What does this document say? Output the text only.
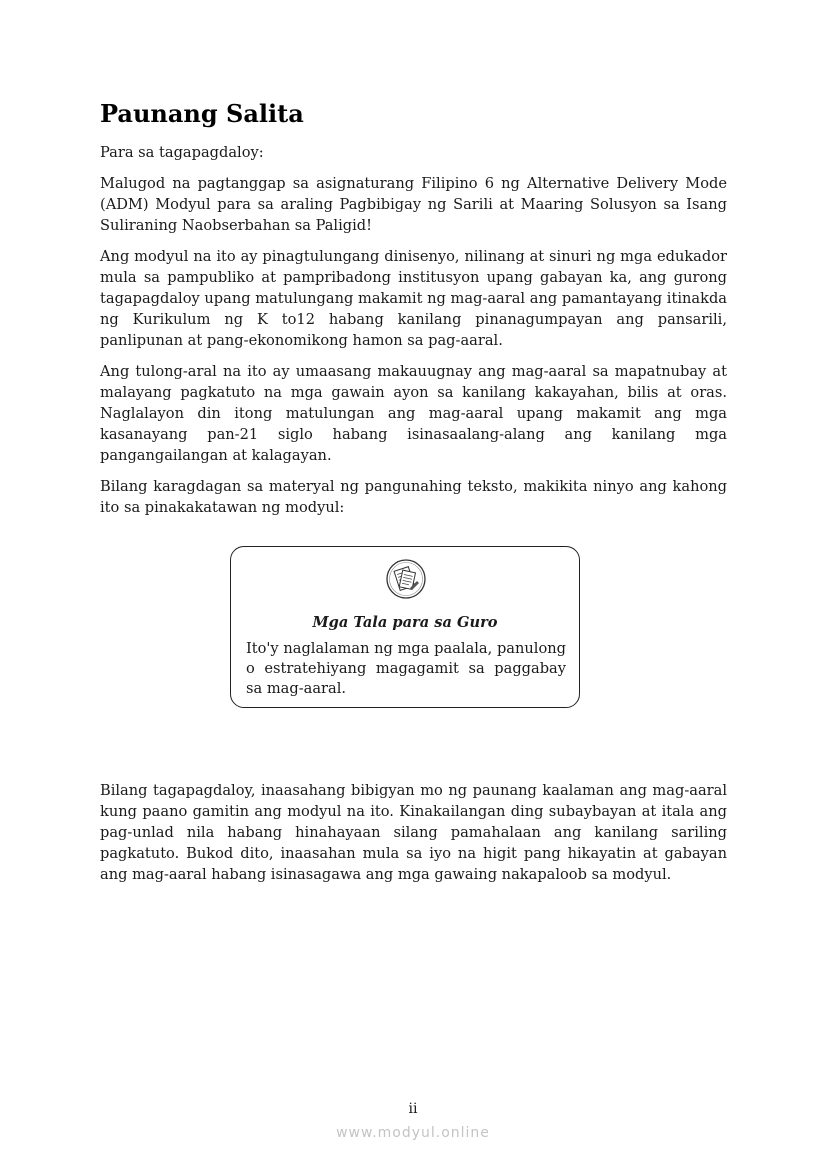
Paunang Salita

Para sa tagapagdaloy:

Malugod na pagtanggap sa asignaturang Filipino 6 ng Alternative Delivery Mode (ADM) Modyul para sa araling Pagbibigay ng Sarili at Maaring Solusyon sa Isang Suliraning Naobserbahan sa Paligid!

Ang modyul na ito ay pinagtulungang dinisenyo, nilinang at sinuri ng mga edukador mula sa pampubliko at pampribadong institusyon upang gabayan ka, ang gurong tagapagdaloy upang matulungang makamit ng mag-aaral ang pamantayang itinakda ng Kurikulum ng K to12 habang kanilang pinanagumpayan ang pansarili, panlipunan at pang-ekonomikong hamon sa pag-aaral.

Ang tulong-aral na ito ay umaasang makauugnay ang mag-aaral sa mapatnubay at malayang pagkatuto na mga gawain ayon sa kanilang kakayahan, bilis at oras. Naglalayon din itong matulungan ang mag-aaral upang makamit ang mga kasanayang pan-21 siglo habang isinasaalang-alang ang kanilang mga pangangailangan at kalagayan.

Bilang karagdagan sa materyal ng pangunahing teksto, makikita ninyo ang kahong ito sa pinakakatawan ng modyul:

Mga Tala para sa Guro

Ito'y naglalaman ng mga paalala, panulong o estratehiyang magagamit sa paggabay sa mag-aaral.

Bilang tagapagdaloy, inaasahang bibigyan mo ng paunang kaalaman ang mag-aaral kung paano gamitin ang modyul na ito. Kinakailangan ding subaybayan at itala ang pag-unlad nila habang hinahayaan silang pamahalaan ang kanilang sariling pagkatuto. Bukod dito, inaasahan mula sa iyo na higit pang hikayatin at gabayan ang mag-aaral habang isinasagawa ang mga gawaing nakapaloob sa modyul.

ii
www.modyul.online
